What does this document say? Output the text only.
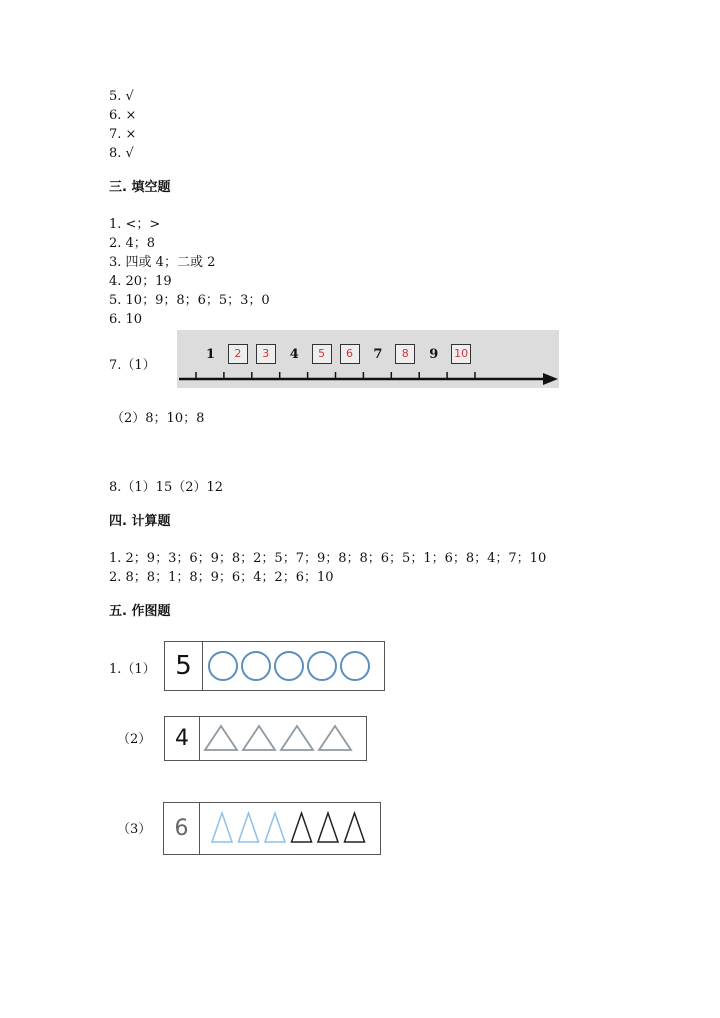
5. √
6. ×
7. ×
8. √
三. 填空题
1. <；>
2. 4；8
3. 四或 4；二或 2
4. 20；19
5. 10；9；8；6；5；3；0
6. 10
7.（1）
1	2	3	4	5	6	7	8	9 10
（2）8；10；8
8.（1）15（2）12
四. 计算题
1. 2；9；3；6；9；8；2；5；7；9；8；8；6；5；1；6；8；4；7；10
2. 8；8；1；8；9；6；4；2；6；10
五. 作图题
1.（1） 5
（2）	4
（3）	6
